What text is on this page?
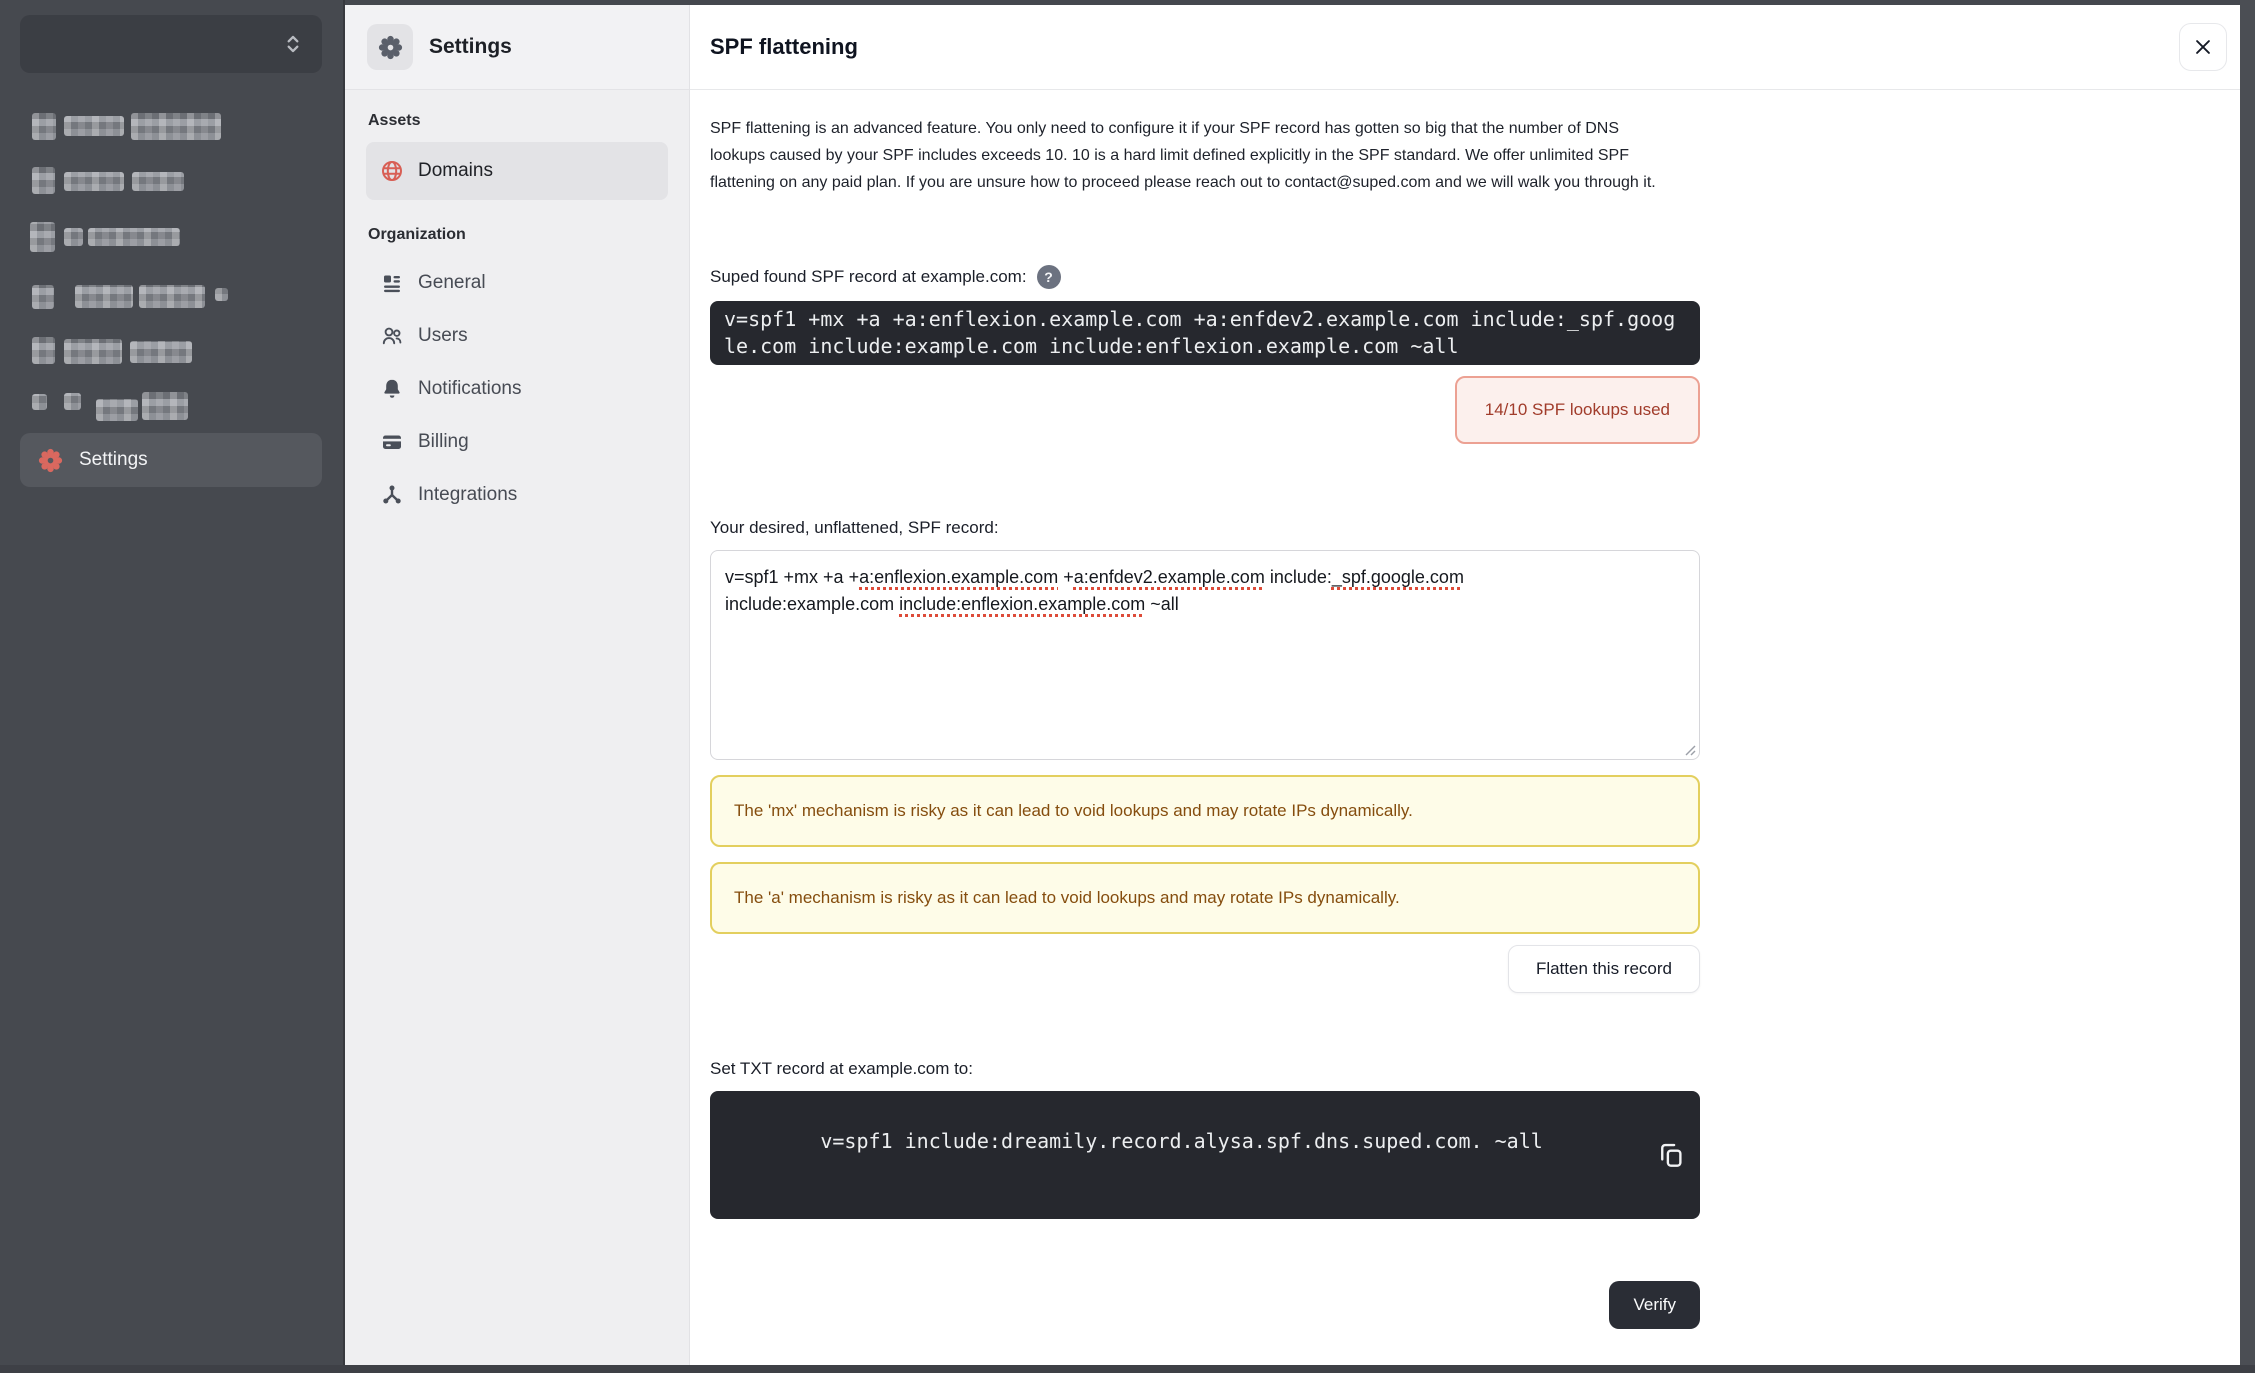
Settings
Settings
Assets
Domains
Organization
General
Users
Notifications
Billing
Integrations
SPF flattening

SPF flattening is an advanced feature. You only need to configure it if your SPF record has gotten so big that the number of DNS lookups caused by your SPF includes exceeds 10. 10 is a hard limit defined explicitly in the SPF standard. We offer unlimited SPF flattening on any paid plan. If you are unsure how to proceed please reach out to contact@suped.com and we will walk you through it.

Suped found SPF record at example.com:	?
v=spf1 +mx +a +a:enflexion.example.com +a:enfdev2.example.com include:_spf.google.com include:example.com include:enflexion.example.com ~all
14/10 SPF lookups used
Your desired, unflattened, SPF record:
v=spf1 +mx +a +a:enflexion.example.com +a:enfdev2.example.com include:_spf.google.com include:example.com include:enflexion.example.com ~all
The 'mx' mechanism is risky as it can lead to void lookups and may rotate IPs dynamically.
The 'a' mechanism is risky as it can lead to void lookups and may rotate IPs dynamically.
Flatten this record
Set TXT record at example.com to:

v=spf1 include:dreamily.record.alysa.spf.dns.suped.com. ~all

Verify
